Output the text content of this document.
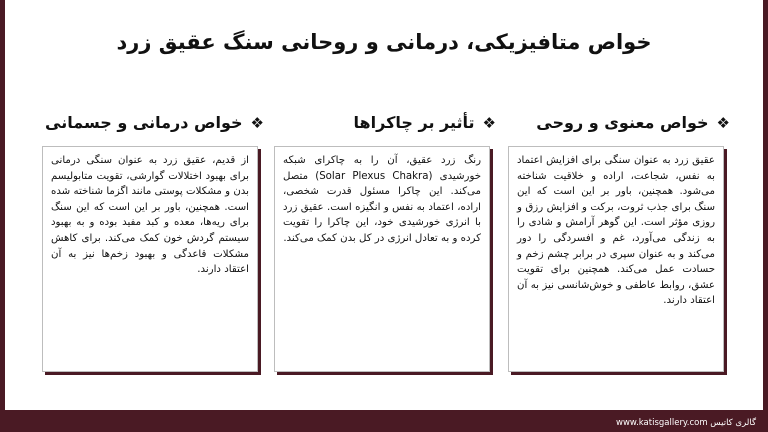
گالری کاتیس www.katisgallery.com
خواص متافیزیکی، درمانی و روحانی سنگ عقیق زرد
❖
خواص معنوی و روحی
عقیق زرد به عنوان سنگی برای افزایش اعتماد به نفس، شجاعت، اراده و خلاقیت شناخته می‌شود. همچنین، باور بر این است که این سنگ برای جذب ثروت، برکت و افزایش رزق و روزی مؤثر است. این گوهر آرامش و شادی را به زندگی می‌آورد، غم و افسردگی را دور می‌کند و به عنوان سپری در برابر چشم زخم و حسادت عمل می‌کند. همچنین برای تقویت عشق، روابط عاطفی و خوش‌شانسی نیز به آن اعتقاد دارند.
❖
تأثیر بر چاکراها
رنگ زرد عقیق، آن را به چاکرای شبکه خورشیدی (Solar Plexus Chakra) متصل می‌کند. این چاکرا مسئول قدرت شخصی، اراده، اعتماد به نفس و انگیزه است. عقیق زرد با انرژی خورشیدی خود، این چاکرا را تقویت کرده و به تعادل انرژی در کل بدن کمک می‌کند.
❖
خواص درمانی و جسمانی
از قدیم، عقیق زرد به عنوان سنگی درمانی برای بهبود اختلالات گوارشی، تقویت متابولیسم بدن و مشکلات پوستی مانند اگزما شناخته شده است. همچنین، باور بر این است که این سنگ برای ریه‌ها، معده و کبد مفید بوده و به بهبود سیستم گردش خون کمک می‌کند. برای کاهش مشکلات قاعدگی و بهبود زخم‌ها نیز به آن اعتقاد دارند.
